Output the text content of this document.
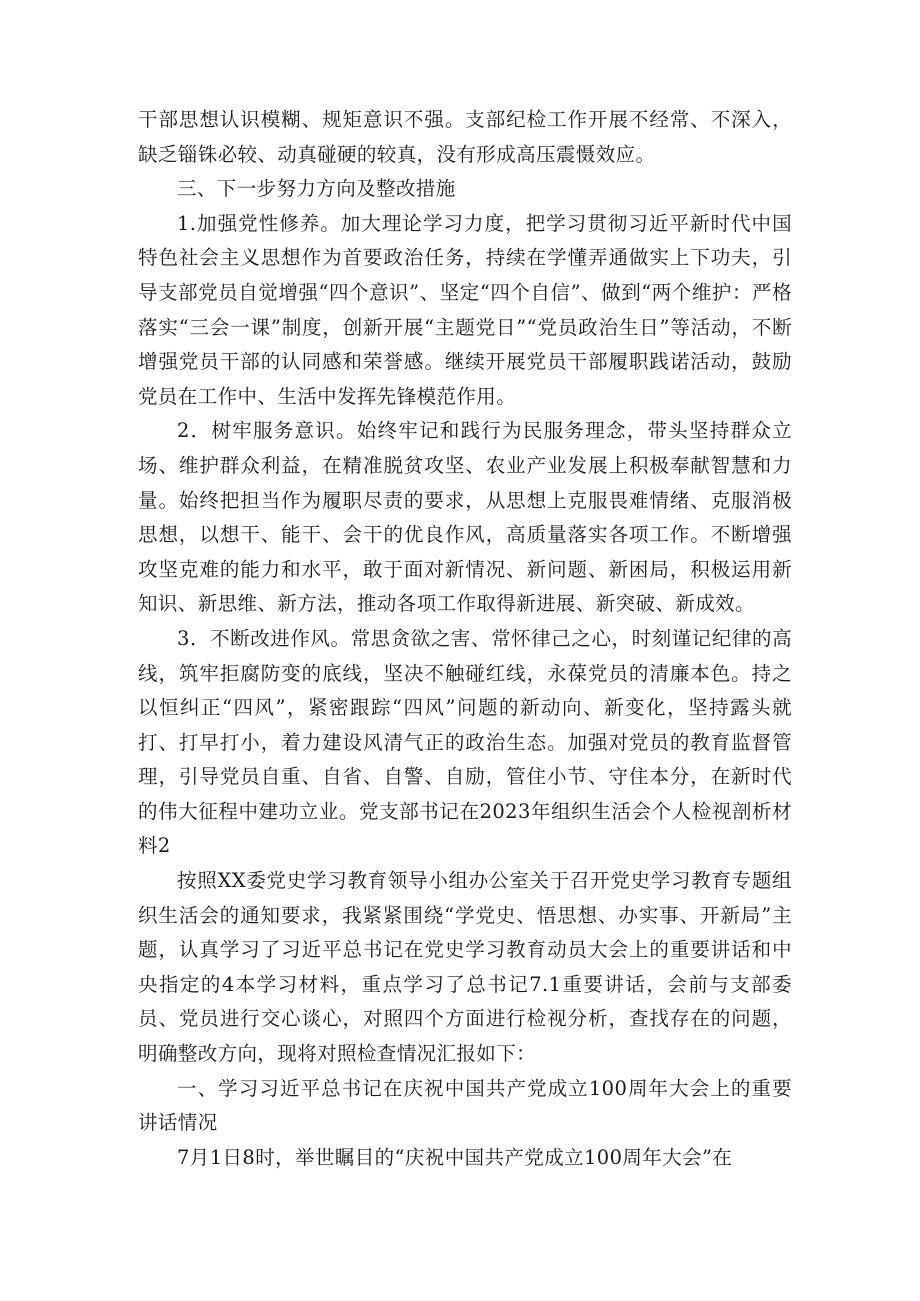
干部思想认识模糊、规矩意识不强。支部纪检工作开展不经常、不深入，缺乏锱铢必较、动真碰硬的较真，没有形成高压震慑效应。

三、下一步努力方向及整改措施

1.加强党性修养。加大理论学习力度，把学习贯彻习近平新时代中国特色社会主义思想作为首要政治任务，持续在学懂弄通做实上下功夫，引导支部党员自觉增强“四个意识”、坚定“四个自信”、做到“两个维护：严格落实“三会一课”制度，创新开展“主题党日”“党员政治生日”等活动，不断增强党员干部的认同感和荣誉感。继续开展党员干部履职践诺活动，鼓励党员在工作中、生活中发挥先锋模范作用。

2．树牢服务意识。始终牢记和践行为民服务理念，带头坚持群众立场、维护群众利益，在精准脱贫攻坚、农业产业发展上积极奉献智慧和力量。始终把担当作为履职尽责的要求，从思想上克服畏难情绪、克服消极思想，以想干、能干、会干的优良作风，高质量落实各项工作。不断增强攻坚克难的能力和水平，敢于面对新情况、新问题、新困局，积极运用新知识、新思维、新方法，推动各项工作取得新进展、新突破、新成效。

3．不断改进作风。常思贪欲之害、常怀律己之心，时刻谨记纪律的高线，筑牢拒腐防变的底线，坚决不触碰红线，永葆党员的清廉本色。持之以恒纠正“四风”，紧密跟踪“四风”问题的新动向、新变化，坚持露头就打、打早打小，着力建设风清气正的政治生态。加强对党员的教育监督管理，引导党员自重、自省、自警、自励，管住小节、守住本分，在新时代的伟大征程中建功立业。党支部书记在2023年组织生活会个人检视剖析材料2

按照XX委党史学习教育领导小组办公室关于召开党史学习教育专题组织生活会的通知要求，我紧紧围绕“学党史、悟思想、办实事、开新局”主题，认真学习了习近平总书记在党史学习教育动员大会上的重要讲话和中央指定的4本学习材料，重点学习了总书记7.1重要讲话，会前与支部委员、党员进行交心谈心，对照四个方面进行检视分析，查找存在的问题，明确整改方向，现将对照检查情况汇报如下：

一、学习习近平总书记在庆祝中国共产党成立100周年大会上的重要讲话情况

7月1日8时，举世瞩目的“庆祝中国共产党成立100周年大会”在
